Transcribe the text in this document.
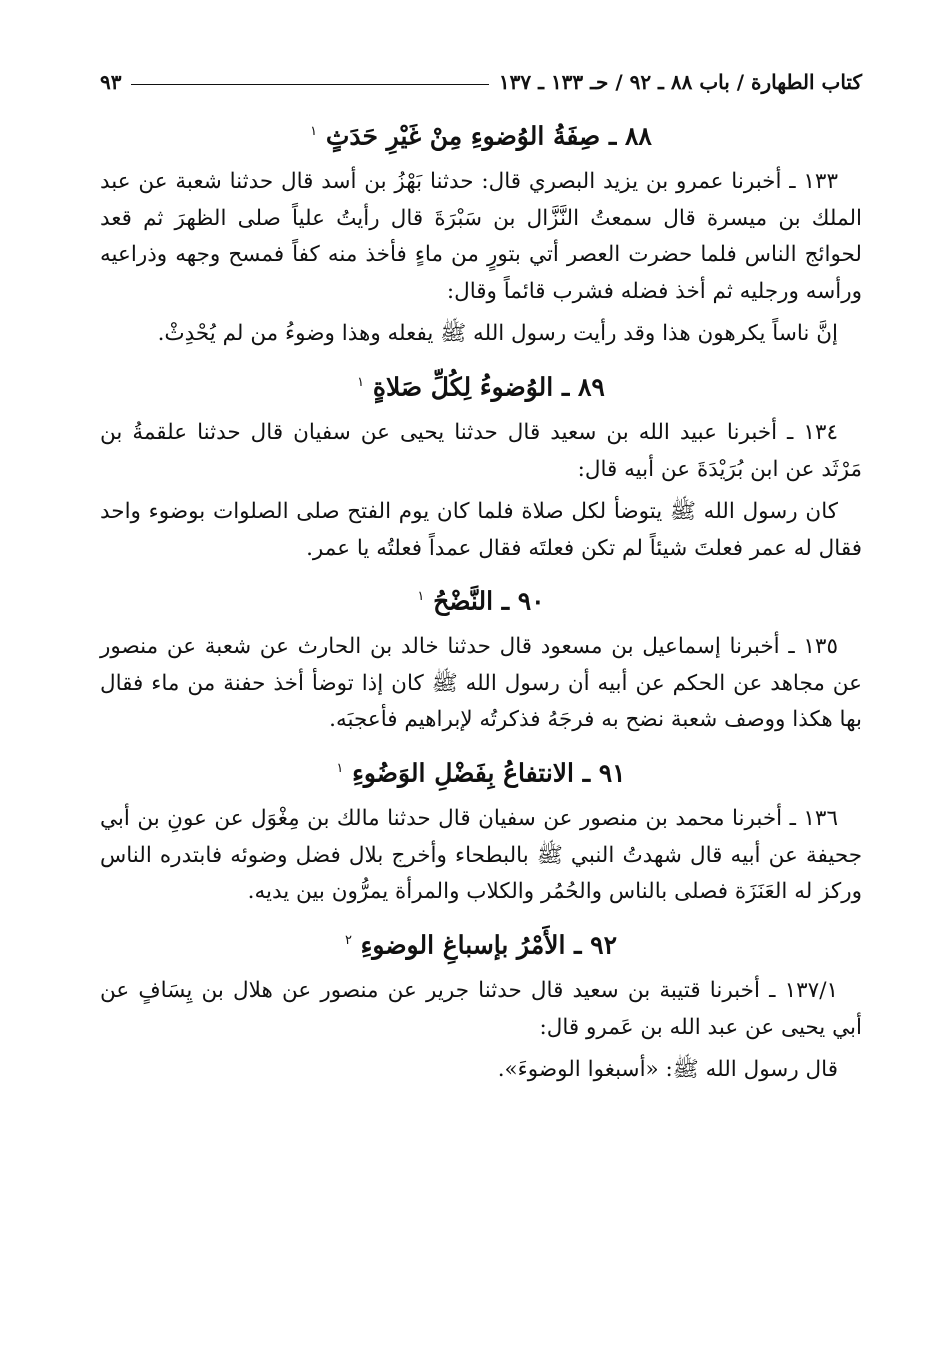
كتاب الطهارة / باب ٨٨ ـ ٩٢ / حـ ١٣٣ ـ ١٣٧
٩٣
٨٨ ـ صِفَةُ الوُضوءِ مِنْ غَيْرِ حَدَثٍ $^١$

١٣٣ ـ أخبرنا عمرو بن يزيد البصري قال: حدثنا بَهْزُ بن أسد قال حدثنا شعبة عن عبد الملك بن ميسرة قال سمعتُ النَّزَّال بن سَبْرَةَ قال رأيتُ علياً صلى الظهرَ ثم قعد لحوائج الناس فلما حضرت العصر أتي بتورٍ من ماءٍ فأخذ منه كفاً فمسح وجهه وذراعيه ورأسه ورجليه ثم أخذ فضله فشرب قائماً وقال:

إنَّ ناساً يكرهون هذا وقد رأيت رسول الله ﷺ يفعله وهذا وضوءُ من لم يُحْدِثْ.

٨٩ ـ الوُضوءُ لِكُلِّ صَلاةٍ $^١$

١٣٤ ـ أخبرنا عبيد الله بن سعيد قال حدثنا يحيى عن سفيان قال حدثنا علقمةُ بن مَرْثَد عن ابن بُرَيْدَةَ عن أبيه قال:

كان رسول الله ﷺ يتوضأ لكل صلاة فلما كان يوم الفتح صلى الصلوات بوضوء واحد فقال له عمر فعلتَ شيئاً لم تكن فعلتَه فقال عمداً فعلتُه يا عمر.

٩٠ ـ النَّضْحُ $^١$

١٣٥ ـ أخبرنا إسماعيل بن مسعود قال حدثنا خالد بن الحارث عن شعبة عن منصور عن مجاهد عن الحكم عن أبيه أن رسول الله ﷺ كان إذا توضأ أخذ حفنة من ماء فقال بها هكذا ووصف شعبة نضح به فرجَهُ فذكرتُه لإبراهيم فأعجبَه.

٩١ ـ الانتفاعُ بِفَضْلِ الوَضُوءِ $^١$

١٣٦ ـ أخبرنا محمد بن منصور عن سفيان قال حدثنا مالك بن مِغْوَل عن عونِ بن أبي جحيفة عن أبيه قال شهدتُ النبي ﷺ بالبطحاء وأخرج بلال فضل وضوئه فابتدره الناس وركز له العَنَزَة فصلى بالناس والحُمُر والكلاب والمرأة يمرُّون بين يديه.

٩٢ ـ الأَمْرُ بإسباغِ الوضوءِ $^٢$

١٣٧/١ ـ أخبرنا قتيبة بن سعيد قال حدثنا جرير عن منصور عن هلال بن يِسَافٍ عن أبي يحيى عن عبد الله بن عَمرو قال:

قال رسول الله ﷺ: «أسبغوا الوضوءَ».
